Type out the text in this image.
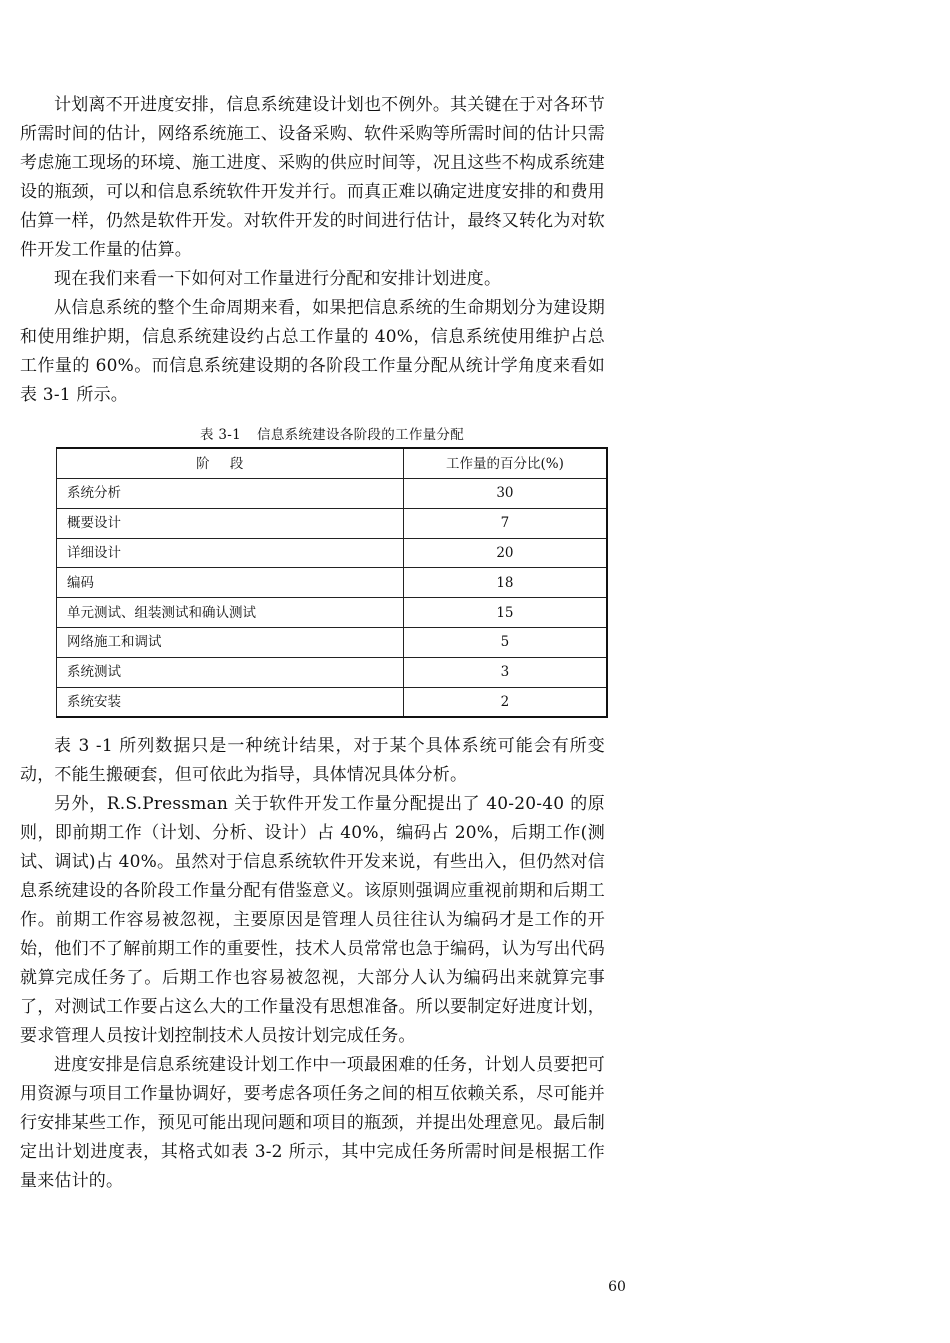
计划离不开进度安排，信息系统建设计划也不例外。其关键在于对各环节所需时间的估计，网络系统施工、设备采购、软件采购等所需时间的估计只需考虑施工现场的环境、施工进度、采购的供应时间等，况且这些不构成系统建设的瓶颈，可以和信息系统软件开发并行。而真正难以确定进度安排的和费用估算一样，仍然是软件开发。对软件开发的时间进行估计，最终又转化为对软件开发工作量的估算。

现在我们来看一下如何对工作量进行分配和安排计划进度。

从信息系统的整个生命周期来看，如果把信息系统的生命期划分为建设期和使用维护期，信息系统建设约占总工作量的 40%，信息系统使用维护占总工作量的 60%。而信息系统建设期的各阶段工作量分配从统计学角度来看如表 3-1 所示。

表 3-1 信息系统建设各阶段的工作量分配
阶段	工作量的百分比(%)
系统分析	30
概要设计	7
详细设计	20
编码	18
单元测试、组装测试和确认测试	15
网络施工和调试	5
系统测试	3
系统安装	2

表 3 -1 所列数据只是一种统计结果，对于某个具体系统可能会有所变动，不能生搬硬套，但可依此为指导，具体情况具体分析。

另外，R.S.Pressman 关于软件开发工作量分配提出了 40-20-40 的原则，即前期工作（计划、分析、设计）占 40%，编码占 20%，后期工作(测试、调试)占 40%。虽然对于信息系统软件开发来说，有些出入，但仍然对信息系统建设的各阶段工作量分配有借鉴意义。该原则强调应重视前期和后期工作。前期工作容易被忽视，主要原因是管理人员往往认为编码才是工作的开始，他们不了解前期工作的重要性，技术人员常常也急于编码，认为写出代码就算完成任务了。后期工作也容易被忽视，大部分人认为编码出来就算完事了，对测试工作要占这么大的工作量没有思想准备。所以要制定好进度计划，要求管理人员按计划控制技术人员按计划完成任务。

进度安排是信息系统建设计划工作中一项最困难的任务，计划人员要把可用资源与项目工作量协调好，要考虑各项任务之间的相互依赖关系，尽可能并行安排某些工作，预见可能出现问题和项目的瓶颈，并提出处理意见。最后制定出计划进度表，其格式如表 3-2 所示，其中完成任务所需时间是根据工作量来估计的。

60
